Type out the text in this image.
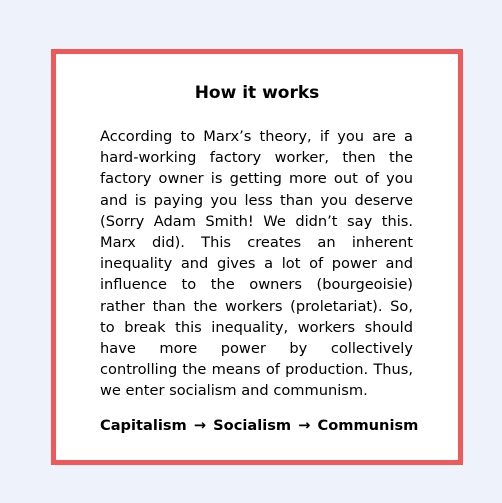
How it works

According to Marx’s theory, if you are a hard-working factory worker, then the factory owner is getting more out of you and is paying you less than you deserve (Sorry Adam Smith! We didn’t say this. Marx did). This creates an inherent inequality and gives a lot of power and influence to the owners (bourgeoisie) rather than the workers (proletariat). So, to break this inequality, workers should have more power by collectively controlling the means of production. Thus, we enter socialism and communism.

Capitalism → Socialism → Communism
